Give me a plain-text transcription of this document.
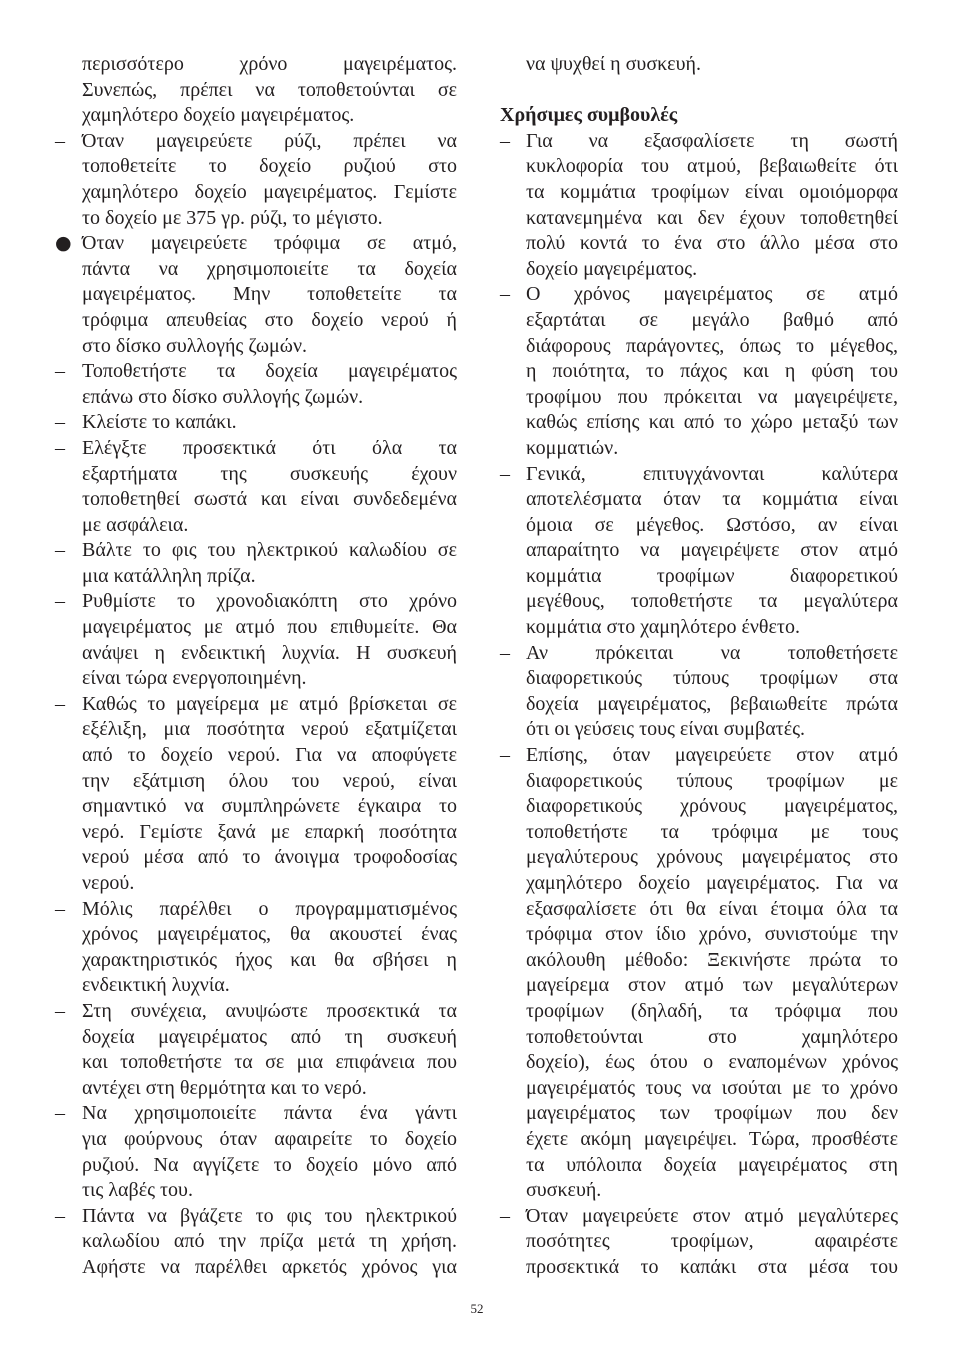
περισσότερο χρόνο μαγειρέματος.
Συνεπώς, πρέπει να τοποθετούνται σε
χαμηλότερο δοχείο μαγειρέματος.
– Όταν μαγειρεύετε ρύζι, πρέπει να
τοποθετείτε το δοχείο ρυζιού στο
χαμηλότερο δοχείο μαγειρέματος. Γεμίστε
το δοχείο με 375 γρ. ρύζι, το μέγιστο.
● Όταν μαγειρεύετε τρόφιμα σε ατμό,
πάντα να χρησιμοποιείτε τα δοχεία
μαγειρέματος. Μην τοποθετείτε τα
τρόφιμα απευθείας στο δοχείο νερού ή
στο δίσκο συλλογής ζωμών.
– Τοποθετήστε τα δοχεία μαγειρέματος
επάνω στο δίσκο συλλογής ζωμών.
– Κλείστε το καπάκι.
– Ελέγξτε προσεκτικά ότι όλα τα
εξαρτήματα της συσκευής έχουν
τοποθετηθεί σωστά και είναι συνδεδεμένα
με ασφάλεια.
– Βάλτε το φις του ηλεκτρικού καλωδίου σε
μια κατάλληλη πρίζα.
– Ρυθμίστε το χρονοδιακόπτη στο χρόνο
μαγειρέματος με ατμό που επιθυμείτε. Θα
ανάψει η ενδεικτική λυχνία. Η συσκευή
είναι τώρα ενεργοποιημένη.
– Καθώς το μαγείρεμα με ατμό βρίσκεται σε
εξέλιξη, μια ποσότητα νερού εξατμίζεται
από το δοχείο νερού. Για να αποφύγετε
την εξάτμιση όλου του νερού, είναι
σημαντικό να συμπληρώνετε έγκαιρα το
νερό. Γεμίστε ξανά με επαρκή ποσότητα
νερού μέσα από το άνοιγμα τροφοδοσίας
νερού.
– Μόλις παρέλθει ο προγραμματισμένος
χρόνος μαγειρέματος, θα ακουστεί ένας
χαρακτηριστικός ήχος και θα σβήσει η
ενδεικτική λυχνία.
– Στη συνέχεια, ανυψώστε προσεκτικά τα
δοχεία μαγειρέματος από τη συσκευή
και τοποθετήστε τα σε μια επιφάνεια που
αντέχει στη θερμότητα και το νερό.
– Να χρησιμοποιείτε πάντα ένα γάντι
για φούρνους όταν αφαιρείτε το δοχείο
ρυζιού. Να αγγίζετε το δοχείο μόνο από
τις λαβές του.
– Πάντα να βγάζετε το φις του ηλεκτρικού
καλωδίου από την πρίζα μετά τη χρήση.
Αφήστε να παρέλθει αρκετός χρόνος για
να ψυχθεί η συσκευή.
Χρήσιμες συμβουλές
– Για να εξασφαλίσετε τη σωστή
κυκλοφορία του ατμού, βεβαιωθείτε ότι
τα κομμάτια τροφίμων είναι ομοιόμορφα
κατανεμημένα και δεν έχουν τοποθετηθεί
πολύ κοντά το ένα στο άλλο μέσα στο
δοχείο μαγειρέματος.
– Ο χρόνος μαγειρέματος σε ατμό
εξαρτάται σε μεγάλο βαθμό από
διάφορους παράγοντες, όπως το μέγεθος,
η ποιότητα, το πάχος και η φύση του
τροφίμου που πρόκειται να μαγειρέψετε,
καθώς επίσης και από το χώρο μεταξύ των
κομματιών.
– Γενικά, επιτυγχάνονται καλύτερα
αποτελέσματα όταν τα κομμάτια είναι
όμοια σε μέγεθος. Ωστόσο, αν είναι
απαραίτητο να μαγειρέψετε στον ατμό
κομμάτια τροφίμων διαφορετικού
μεγέθους, τοποθετήστε τα μεγαλύτερα
κομμάτια στο χαμηλότερο ένθετο.
– Αν πρόκειται να τοποθετήσετε
διαφορετικούς τύπους τροφίμων στα
δοχεία μαγειρέματος, βεβαιωθείτε πρώτα
ότι οι γεύσεις τους είναι συμβατές.
– Επίσης, όταν μαγειρεύετε στον ατμό
διαφορετικούς τύπους τροφίμων με
διαφορετικούς χρόνους μαγειρέματος,
τοποθετήστε τα τρόφιμα με τους
μεγαλύτερους χρόνους μαγειρέματος στο
χαμηλότερο δοχείο μαγειρέματος. Για να
εξασφαλίσετε ότι θα είναι έτοιμα όλα τα
τρόφιμα στον ίδιο χρόνο, συνιστούμε την
ακόλουθη μέθοδο: Ξεκινήστε πρώτα το
μαγείρεμα στον ατμό των μεγαλύτερων
τροφίμων (δηλαδή, τα τρόφιμα που
τοποθετούνται στο χαμηλότερο
δοχείο), έως ότου ο εναπομένων χρόνος
μαγειρέματός τους να ισούται με το χρόνο
μαγειρέματος των τροφίμων που δεν
έχετε ακόμη μαγειρέψει. Τώρα, προσθέστε
τα υπόλοιπα δοχεία μαγειρέματος στη
συσκευή.
– Όταν μαγειρεύετε στον ατμό μεγαλύτερες
ποσότητες τροφίμων, αφαιρέστε
προσεκτικά το καπάκι στα μέσα του
52
